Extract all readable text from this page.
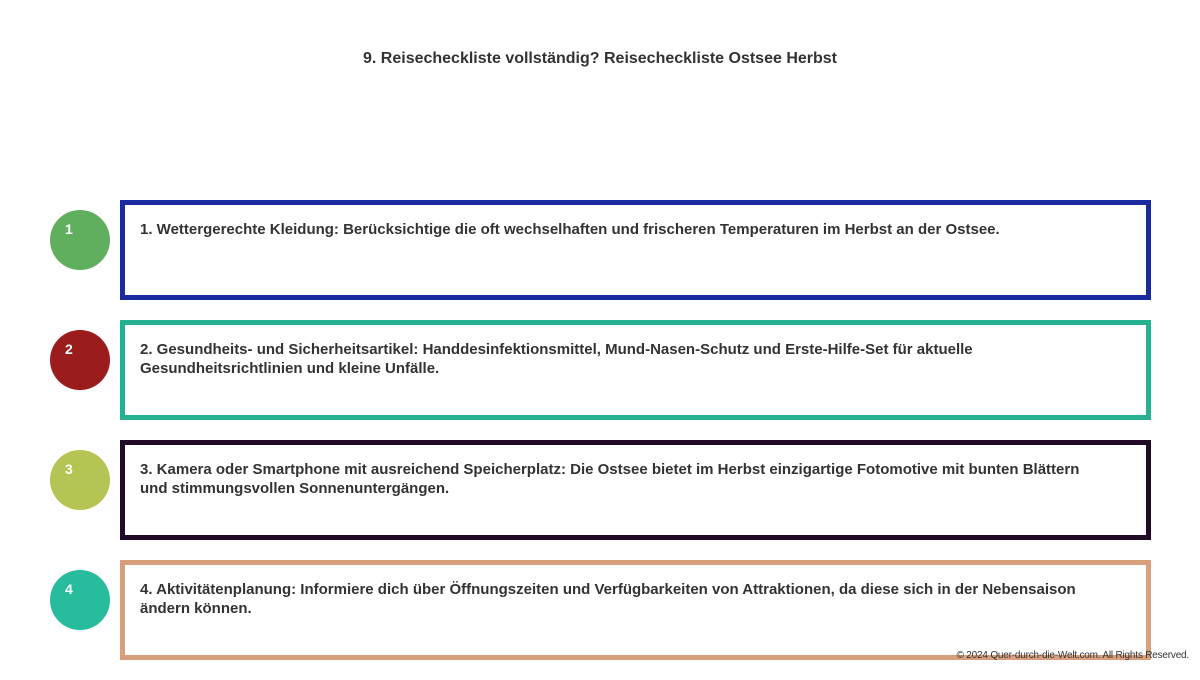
9. Reisecheckliste vollständig? Reisecheckliste Ostsee Herbst
1	1. Wettergerechte Kleidung: Berücksichtige die oft wechselhaften und frischeren Temperaturen im Herbst an der Ostsee.
2	2. Gesundheits- und Sicherheitsartikel: Handdesinfektionsmittel, Mund-Nasen-Schutz und Erste-Hilfe-Set für aktuelle Gesundheitsrichtlinien und kleine Unfälle.
3	3. Kamera oder Smartphone mit ausreichend Speicherplatz: Die Ostsee bietet im Herbst einzigartige Fotomotive mit bunten Blättern und stimmungsvollen Sonnenuntergängen.
4	4. Aktivitätenplanung: Informiere dich über Öffnungszeiten und Verfügbarkeiten von Attraktionen, da diese sich in der Nebensaison ändern können.
© 2024 Quer-durch-die-Welt.com. All Rights Reserved.
